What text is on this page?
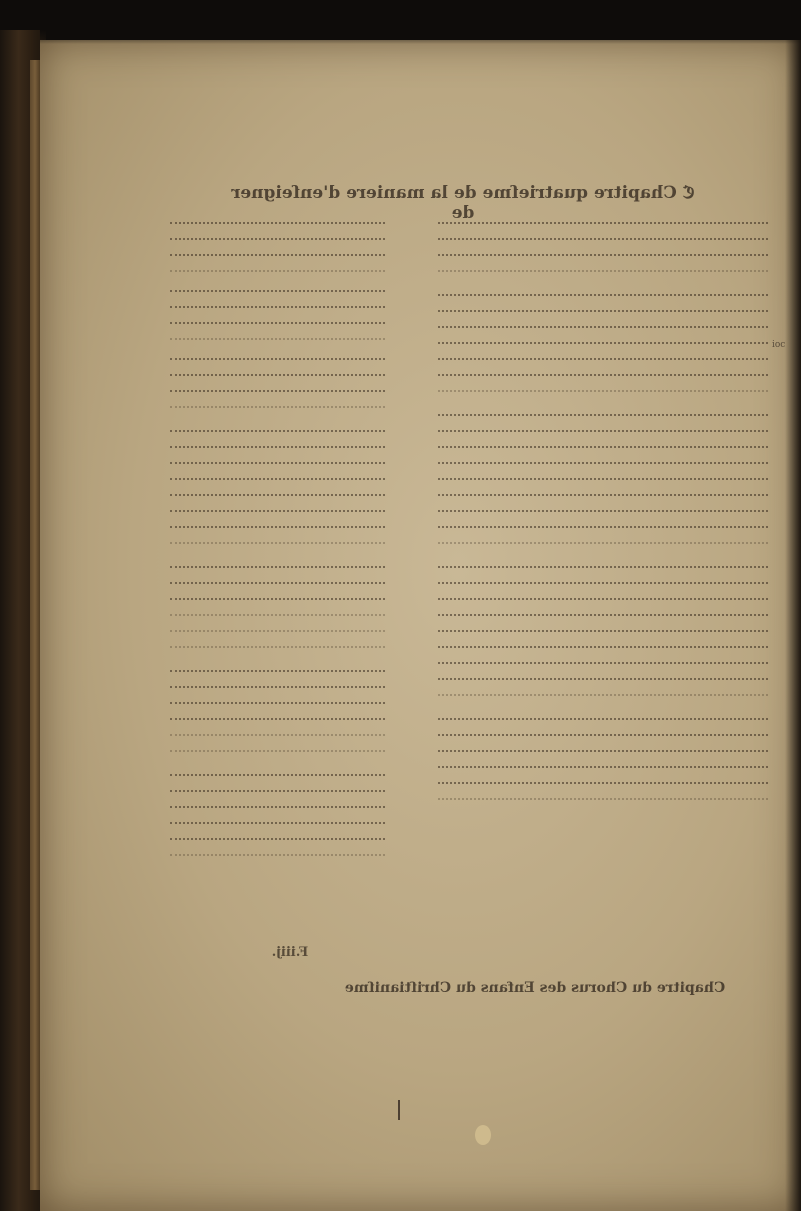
ℭ Chapitre quatrieſme de la maniere d'enſeigner de
F.iiij.
Chapitre du Chorus des Enfans du Chriſtianiſme
ioc
